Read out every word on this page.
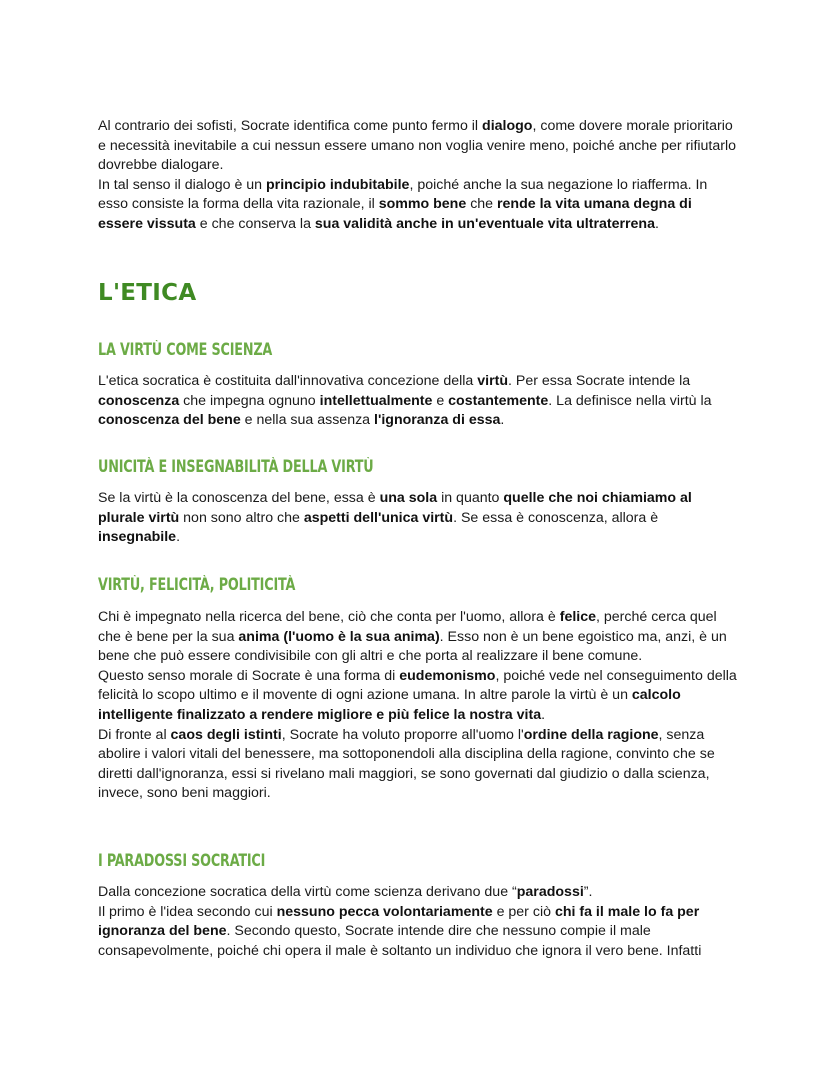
Al contrario dei sofisti, Socrate identifica come punto fermo il dialogo, come dovere morale prioritario e necessità inevitabile a cui nessun essere umano non voglia venire meno, poiché anche per rifiutarlo dovrebbe dialogare.
In tal senso il dialogo è un principio indubitabile, poiché anche la sua negazione lo riafferma. In esso consiste la forma della vita razionale, il sommo bene che rende la vita umana degna di essere vissuta e che conserva la sua validità anche in un'eventuale vita ultraterrena.

L'ETICA
LA VIRTÙ COME SCIENZA

L'etica socratica è costituita dall'innovativa concezione della virtù. Per essa Socrate intende la conoscenza che impegna ognuno intellettualmente e costantemente. La definisce nella virtù la conoscenza del bene e nella sua assenza l'ignoranza di essa.

UNICITÀ E INSEGNABILITÀ DELLA VIRTÙ

Se la virtù è la conoscenza del bene, essa è una sola in quanto quelle che noi chiamiamo al plurale virtù non sono altro che aspetti dell'unica virtù. Se essa è conoscenza, allora è insegnabile.

VIRTÙ, FELICITÀ, POLITICITÀ

Chi è impegnato nella ricerca del bene, ciò che conta per l'uomo, allora è felice, perché cerca quel che è bene per la sua anima (l'uomo è la sua anima). Esso non è un bene egoistico ma, anzi, è un bene che può essere condivisibile con gli altri e che porta al realizzare il bene comune.
Questo senso morale di Socrate è una forma di eudemonismo, poiché vede nel conseguimento della felicità lo scopo ultimo e il movente di ogni azione umana. In altre parole la virtù è un calcolo intelligente finalizzato a rendere migliore e più felice la nostra vita.
Di fronte al caos degli istinti, Socrate ha voluto proporre all'uomo l'ordine della ragione, senza abolire i valori vitali del benessere, ma sottoponendoli alla disciplina della ragione, convinto che se diretti dall'ignoranza, essi si rivelano mali maggiori, se sono governati dal giudizio o dalla scienza, invece, sono beni maggiori.

I PARADOSSI SOCRATICI

Dalla concezione socratica della virtù come scienza derivano due “paradossi”.
Il primo è l'idea secondo cui nessuno pecca volontariamente e per ciò chi fa il male lo fa per ignoranza del bene. Secondo questo, Socrate intende dire che nessuno compie il male consapevolmente, poiché chi opera il male è soltanto un individuo che ignora il vero bene. Infatti
